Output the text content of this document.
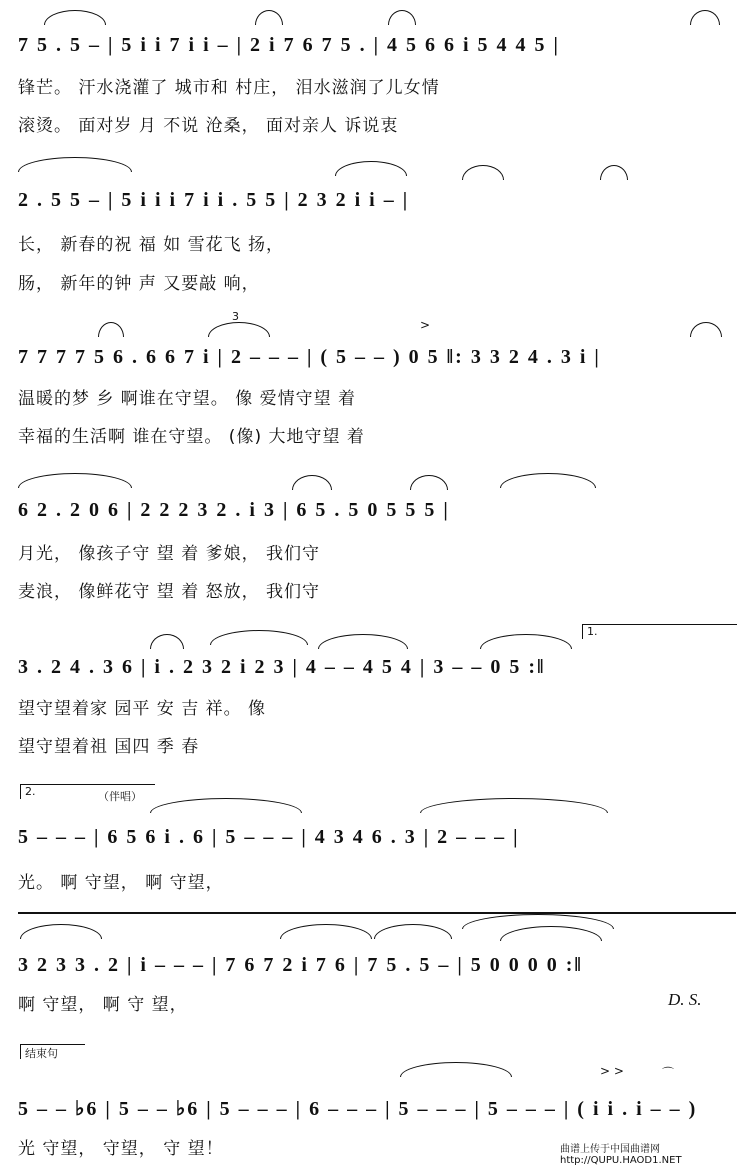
7 5 . 5 – | 5 i i 7 i i – | 2 i 7 6 7 5 . | 4 5 6 6 i 5 4 4 5 |
锋芒。 汗水浇灌了 城市和 村庄， 泪水滋润了儿女情
滚烫。 面对岁 月 不说 沧桑， 面对亲人 诉说衷
2 . 5 5 – | 5 i i i 7 i i . 5 5 | 2 3 2 i i – |
长， 新春的祝 福 如 雪花飞 扬，
肠， 新年的钟 声 又要敲 响，
3
>
7 7 7 7 5 6 . 6 6 7 i | 2 – – – | ( 5 – – ) 0 5 ‖: 3 3 2 4 . 3 i |
温暖的梦 乡 啊谁在守望。 像 爱情守望 着
幸福的生活啊 谁在守望。 (像) 大地守望 着
6 2 . 2 0 6 | 2 2 2 3 2 . i 3 | 6 5 . 5 0 5 5 5 |
月光， 像孩子守 望 着 爹娘， 我们守
麦浪， 像鲜花守 望 着 怒放， 我们守
1.
3 . 2 4 . 3 6 | i . 2 3 2 i 2 3 | 4 – – 4 5 4 | 3 – – 0 5 :‖
望守望着家 园平 安 吉 祥。 像
望守望着祖 国四 季 春
2.	（伴唱）
5 – – – | 6 5 6 i . 6 | 5 – – – | 4 3 4 6 . 3 | 2 – – – |
光。 啊 守望， 啊 守望，
3 2 3 3 . 2 | i – – – | 7 6 7 2 i 7 6 | 7 5 . 5 – | 5 0 0 0 0 :‖
啊 守望， 啊 守 望，	D. S.
结束句
> >	⌒
5 – – ♭6 | 5 – – ♭6 | 5 – – – | 6 – – – | 5 – – – | 5 – – – | ( i i . i – – )
光 守望， 守望， 守 望！	曲谱上传于中国曲谱网 http://QUPU.HAOD1.NET
